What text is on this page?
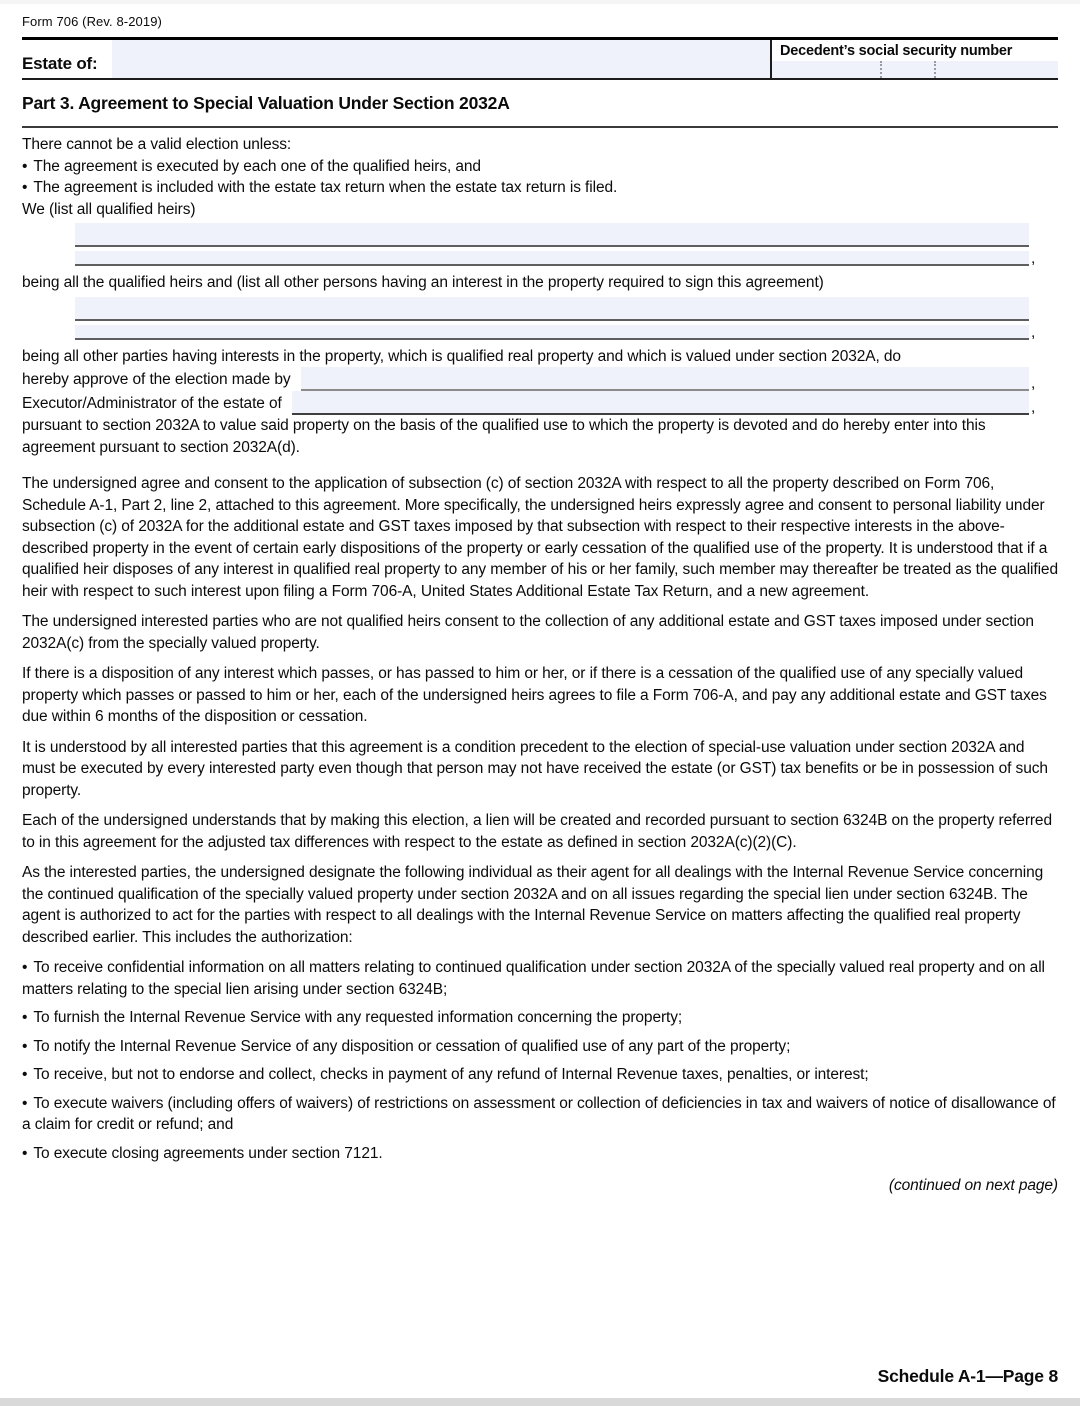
Form 706 (Rev. 8-2019)
Estate of:
Decedent’s social security number
Part 3. Agreement to Special Valuation Under Section 2032A
There cannot be a valid election unless:
• The agreement is executed by each one of the qualified heirs, and
• The agreement is included with the estate tax return when the estate tax return is filed.
We (list all qualified heirs)
,
being all the qualified heirs and (list all other persons having an interest in the property required to sign this agreement)
,
being all other parties having interests in the property, which is qualified real property and which is valued under section 2032A, do
hereby approve of the election made by	,
Executor/Administrator of the estate of	,
pursuant to section 2032A to value said property on the basis of the qualified use to which the property is devoted and do hereby enter into this agreement pursuant to section 2032A(d).

The undersigned agree and consent to the application of subsection (c) of section 2032A with respect to all the property described on Form 706, Schedule A-1, Part 2, line 2, attached to this agreement. More specifically, the undersigned heirs expressly agree and consent to personal liability under subsection (c) of 2032A for the additional estate and GST taxes imposed by that subsection with respect to their respective interests in the above-described property in the event of certain early dispositions of the property or early cessation of the qualified use of the property. It is understood that if a qualified heir disposes of any interest in qualified real property to any member of his or her family, such member may thereafter be treated as the qualified heir with respect to such interest upon filing a Form 706-A, United States Additional Estate Tax Return, and a new agreement.

The undersigned interested parties who are not qualified heirs consent to the collection of any additional estate and GST taxes imposed under section 2032A(c) from the specially valued property.

If there is a disposition of any interest which passes, or has passed to him or her, or if there is a cessation of the qualified use of any specially valued property which passes or passed to him or her, each of the undersigned heirs agrees to file a Form 706-A, and pay any additional estate and GST taxes due within 6 months of the disposition or cessation.

It is understood by all interested parties that this agreement is a condition precedent to the election of special-use valuation under section 2032A and must be executed by every interested party even though that person may not have received the estate (or GST) tax benefits or be in possession of such property.

Each of the undersigned understands that by making this election, a lien will be created and recorded pursuant to section 6324B on the property referred to in this agreement for the adjusted tax differences with respect to the estate as defined in section 2032A(c)(2)(C).

As the interested parties, the undersigned designate the following individual as their agent for all dealings with the Internal Revenue Service concerning the continued qualification of the specially valued property under section 2032A and on all issues regarding the special lien under section 6324B. The agent is authorized to act for the parties with respect to all dealings with the Internal Revenue Service on matters affecting the qualified real property described earlier. This includes the authorization:

• To receive confidential information on all matters relating to continued qualification under section 2032A of the specially valued real property and on all matters relating to the special lien arising under section 6324B;

• To furnish the Internal Revenue Service with any requested information concerning the property;

• To notify the Internal Revenue Service of any disposition or cessation of qualified use of any part of the property;

• To receive, but not to endorse and collect, checks in payment of any refund of Internal Revenue taxes, penalties, or interest;

• To execute waivers (including offers of waivers) of restrictions on assessment or collection of deficiencies in tax and waivers of notice of disallowance of a claim for credit or refund; and

• To execute closing agreements under section 7121.

(continued on next page)
Schedule A-1—Page 8
